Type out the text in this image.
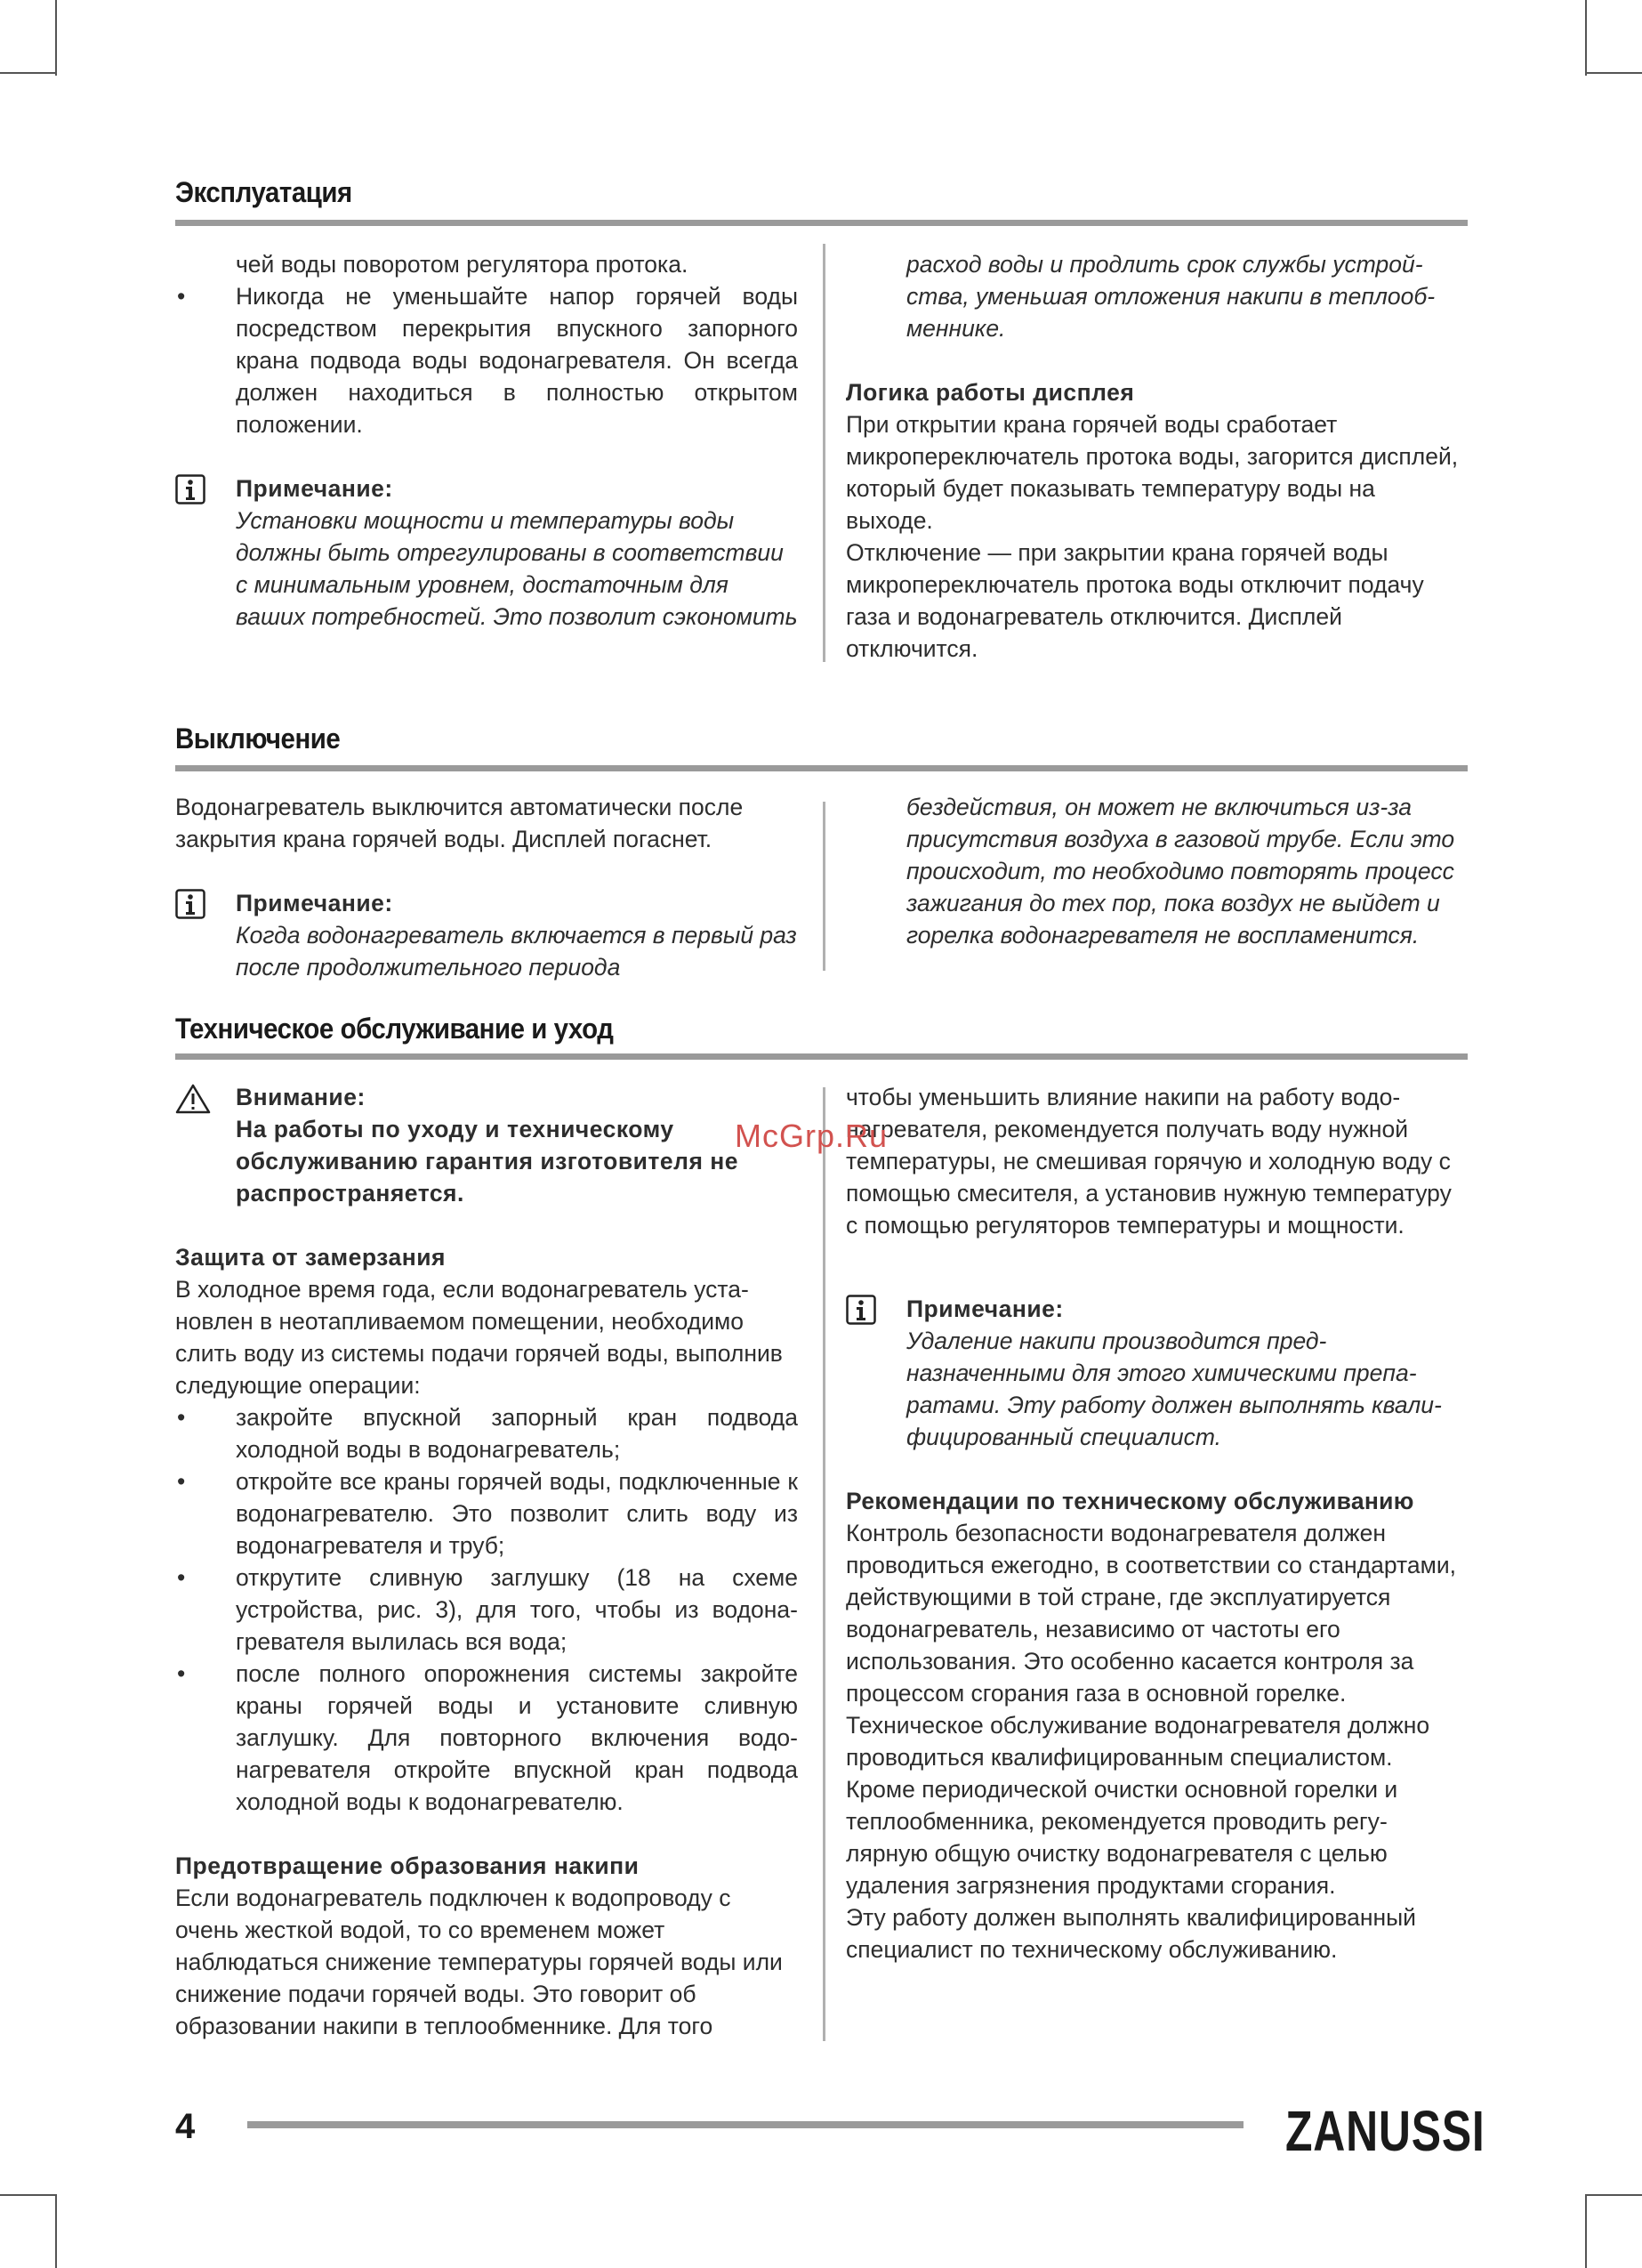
Эксплуатация

чей воды поворотом регулятора протока.

• Никогда не уменьшайте напор горячей воды посредством перекрытия впускного запорного крана подвода воды водонагревателя. Он всегда должен находиться в полностью открытом положении.

Примечание:

Установки мощности и температуры воды должны быть отрегулированы в соответствии с минимальным уровнем, достаточным для ваших потребностей. Это позволит сэкономить

расход воды и продлить срок службы устройства, уменьшая отложения накипи в теплообменнике.

Логика работы дисплея

При открытии крана горячей воды сработает микропереключатель протока воды, загорится дисплей, который будет показывать температуру воды на выходе.

Отключение — при закрытии крана горячей воды микропереключатель протока воды отключит подачу газа и водонагреватель отключится. Дисплей отключится.

Выключение

Водонагреватель выключится автоматически после закрытия крана горячей воды. Дисплей погаснет.

Примечание:

Когда водонагреватель включается в первый раз после продолжительного периода

бездействия, он может не включиться из-за присутствия воздуха в газовой трубе. Если это происходит, то необходимо повторять процесс зажигания до тех пор, пока воздух не выйдет и горелка водонагревателя не воспламенится.

Техническое обслуживание и уход

Внимание:

На работы по уходу и техническому обслуживанию гарантия изготовителя не распространяется.

Защита от замерзания

В холодное время года, если водонагреватель установлен в неотапливаемом помещении, необходимо слить воду из системы подачи горячей воды, выполнив следующие операции:

• закройте впускной запорный кран подвода холодной воды в водонагреватель;
• откройте все краны горячей воды, подключенные к водонагревателю. Это позволит слить воду из водонагревателя и труб;
• открутите сливную заглушку (18 на схеме устройства, рис. 3), для того, чтобы из водонагревателя вылилась вся вода;
• после полного опорожнения системы закройте краны горячей воды и установите сливную заглушку. Для повторного включения водонагревателя откройте впускной кран подвода холодной воды к водонагревателю.

Предотвращение образования накипи

Если водонагреватель подключен к водопроводу с очень жесткой водой, то со временем может наблюдаться снижение температуры горячей воды или снижение подачи горячей воды. Это говорит об образовании накипи в теплообменнике. Для того

чтобы уменьшить влияние накипи на работу водонагревателя, рекомендуется получать воду нужной температуры, не смешивая горячую и холодную воду с помощью смесителя, а установив нужную температуру с помощью регуляторов температуры и мощности.

Примечание:

Удаление накипи производится предназначенными для этого химическими препаратами. Эту работу должен выполнять квалифицированный специалист.

Рекомендации по техническому обслуживанию

Контроль безопасности водонагревателя должен проводиться ежегодно, в соответствии со стандартами, действующими в той стране, где эксплуатируется водонагреватель, независимо от частоты его использования. Это особенно касается контроля за процессом сгорания газа в основной горелке.

Техническое обслуживание водонагревателя должно проводиться квалифицированным специалистом.

Кроме периодической очистки основной горелки и теплообменника, рекомендуется проводить регулярную общую очистку водонагревателя с целью удаления загрязнения продуктами сгорания.

Эту работу должен выполнять квалифицированный специалист по техническому обслуживанию.

McGrp.Ru
4	ZANUSSI
